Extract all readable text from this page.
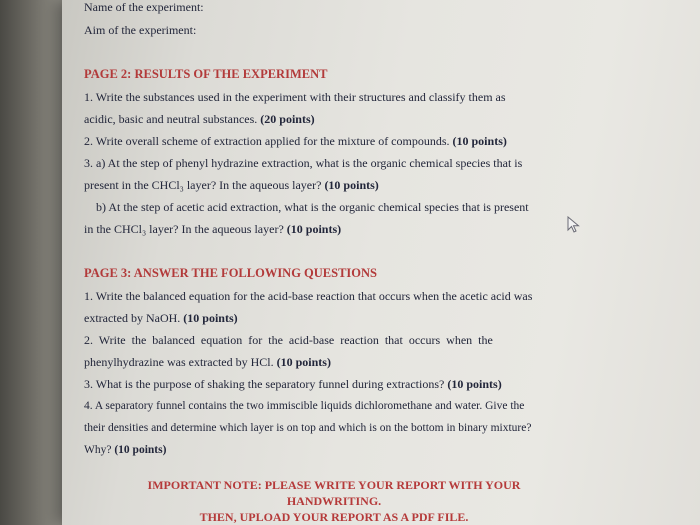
Name of the experiment:
Aim of the experiment:
PAGE 2: RESULTS OF THE EXPERIMENT
1. Write the substances used in the experiment with their structures and classify them as
acidic, basic and neutral substances. (20 points)
2. Write overall scheme of extraction applied for the mixture of compounds. (10 points)
3. a) At the step of phenyl hydrazine extraction, what is the organic chemical species that is
present in the CHCl₃ layer? In the aqueous layer? (10 points)
b) At the step of acetic acid extraction, what is the organic chemical species that is present
in the CHCl₃ layer? In the aqueous layer? (10 points)
PAGE 3: ANSWER THE FOLLOWING QUESTIONS
1. Write the balanced equation for the acid-base reaction that occurs when the acetic acid was
extracted by NaOH. (10 points)
2.  Write  the  balanced  equation  for  the  acid-base  reaction  that  occurs  when  the
phenylhydrazine was extracted by HCl. (10 points)
3. What is the purpose of shaking the separatory funnel during extractions? (10 points)
4. A separatory funnel contains the two immiscible liquids dichloromethane and water. Give the
their densities and determine which layer is on top and which is on the bottom in binary mixture?
Why? (10 points)
IMPORTANT NOTE: PLEASE WRITE YOUR REPORT WITH YOUR
HANDWRITING.
THEN, UPLOAD YOUR REPORT AS A PDF FILE.
